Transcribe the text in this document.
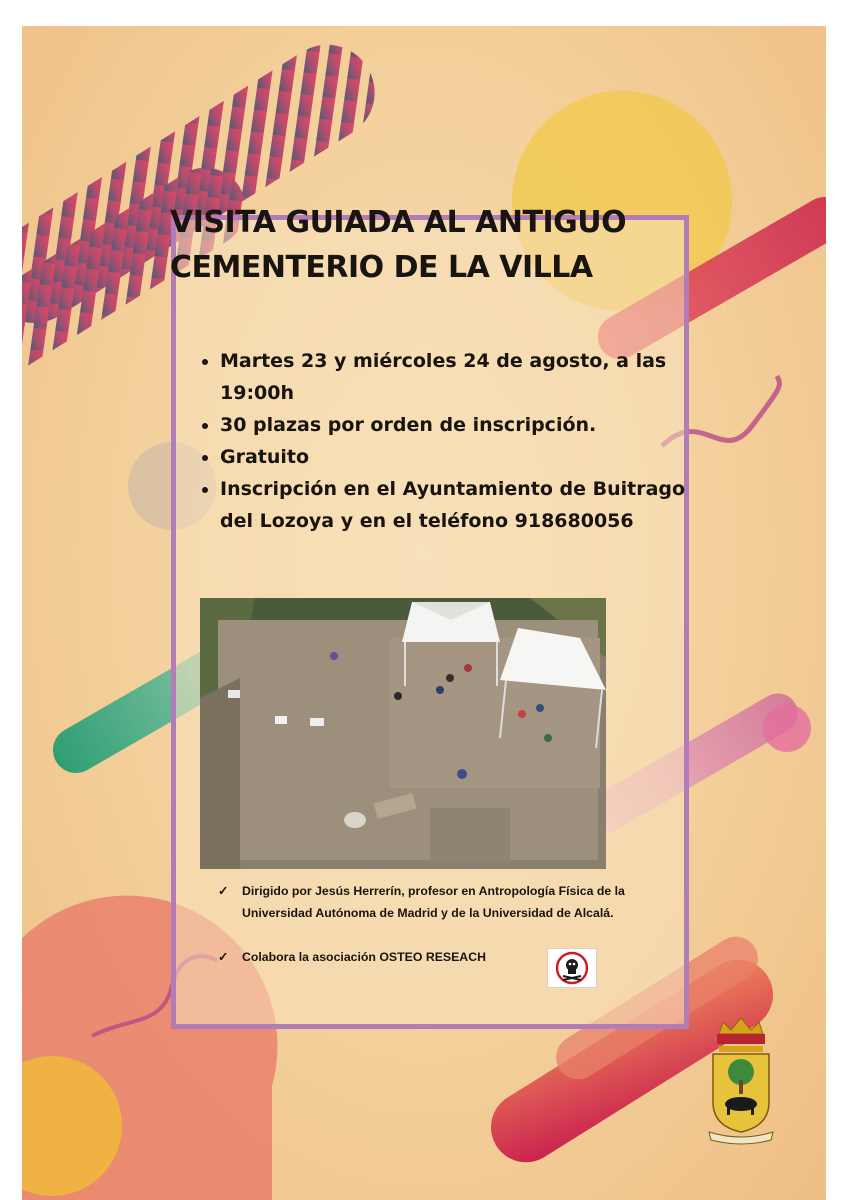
VISITA GUIADA AL ANTIGUO CEMENTERIO DE LA VILLA
• Martes 23 y miércoles 24 de agosto, a las 19:00h
• 30 plazas por orden de inscripción.
• Gratuito
• Inscripción en el Ayuntamiento de Buitrago del Lozoya y en el teléfono 918680056
✓ Dirigido por Jesús Herrerín, profesor en Antropología Física de la Universidad Autónoma de Madrid y de la Universidad de Alcalá.
✓ Colabora la asociación OSTEO RESEACH
